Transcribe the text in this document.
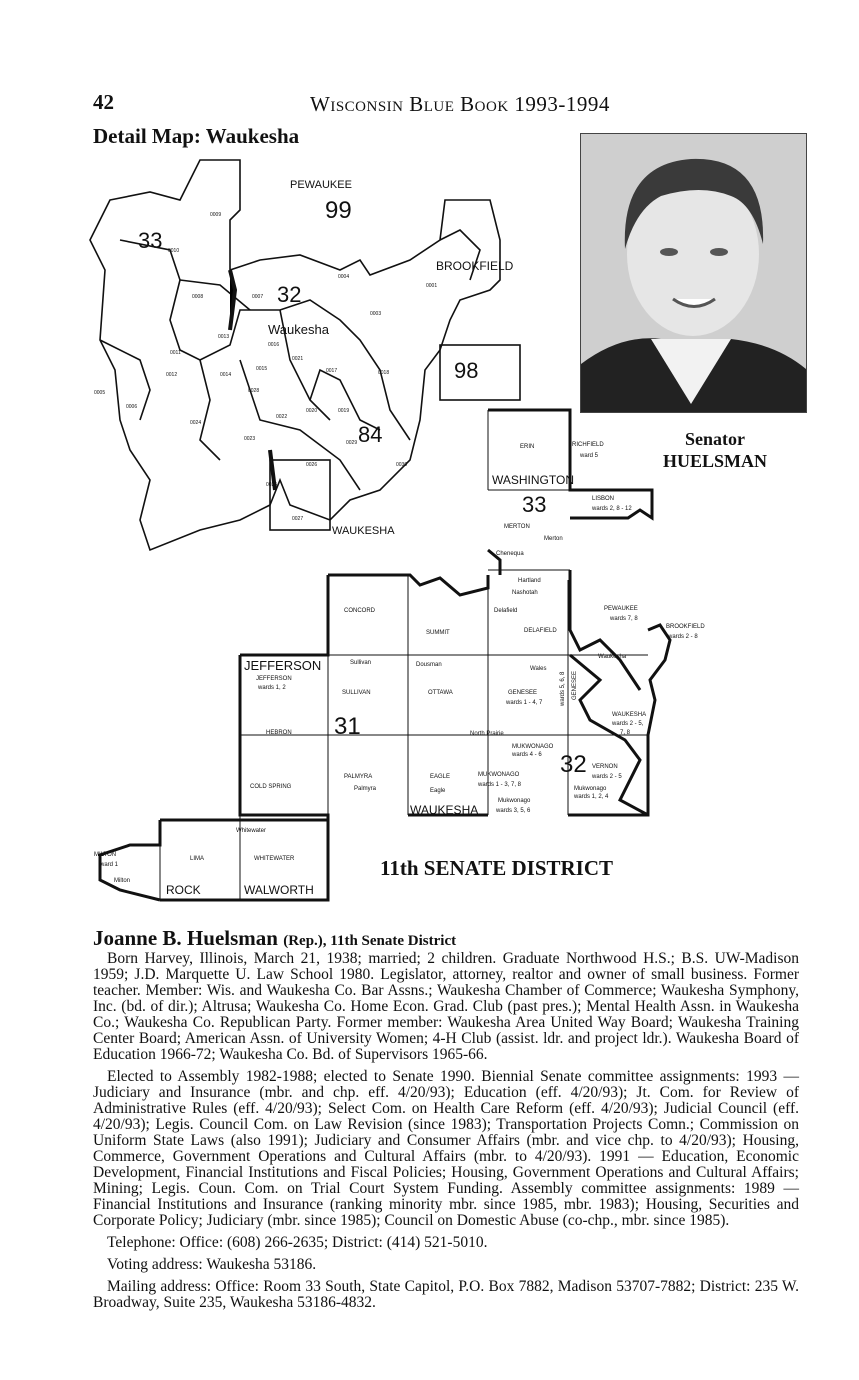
42	Wisconsin Blue Book 1993-1994
Detail Map: Waukesha
PEWAUKEE
99
33
32
Waukesha
BROOKFIELD
98
84
WAUKESHA
0004
0001
0003
0005
0007
0008
0010
0011
0012
0013
0014
0015
0016
0017	0018
0019
0020
0021
0022
0023
0024
0025
0026
0027
0028
0029
0030
0006
0009
Senator
HUELSMAN
ERIN	RICHFIELD
ward 5
WASHINGTON
33	LISBON
wards 2, 8 - 12
MERTON
Chenequa
Merton
Hartland
Nashotah
Delafield
DELAFIELD
CONCORD
SUMMIT
PEWAUKEE
wards 7, 8
BROOKFIELD
wards 2 - 8
Waukesha
JEFFERSON
JEFFERSON
wards 1, 2
Sullivan	Dousman
Wales
SULLIVAN	OTTAWA	GENESEE
wards 1 - 4, 7
GENESEE
wards 5, 6, 8
HEBRON 31	North Prairie
WAUKESHA
wards 2 - 5,
7, 8
MUKWONAGO
wards 4 - 6 32 VERNON
wards 2 - 5
COLD SPRING
PALMYRA
Palmyra
EAGLE
Eagle
MUKWONAGO
wards 1 - 3, 7, 8
Mukwonago
wards 1, 2, 4
Mukwonago
wards 3, 5, 6
WAUKESHA
Whitewater
MILTON
ward 1
LIMA	WHITEWATER
Milton
ROCK	WALWORTH
11th SENATE DISTRICT
Joanne B. Huelsman (Rep.), 11th Senate District

Born Harvey, Illinois, March 21, 1938; married; 2 children. Graduate Northwood H.S.; B.S. UW-Madison 1959; J.D. Marquette U. Law School 1980. Legislator, attorney, realtor and owner of small business. Former teacher. Member: Wis. and Waukesha Co. Bar Assns.; Waukesha Chamber of Commerce; Waukesha Symphony, Inc. (bd. of dir.); Altrusa; Waukesha Co. Home Econ. Grad. Club (past pres.); Mental Health Assn. in Waukesha Co.; Waukesha Co. Republican Party. Former member: Waukesha Area United Way Board; Waukesha Training Center Board; American Assn. of University Women; 4-H Club (assist. ldr. and project ldr.). Waukesha Board of Education 1966-72; Waukesha Co. Bd. of Supervisors 1965-66.

Elected to Assembly 1982-1988; elected to Senate 1990. Biennial Senate committee assignments: 1993 — Judiciary and Insurance (mbr. and chp. eff. 4/20/93); Education (eff. 4/20/93); Jt. Com. for Review of Administrative Rules (eff. 4/20/93); Select Com. on Health Care Reform (eff. 4/20/93); Judicial Council (eff. 4/20/93); Legis. Council Com. on Law Revision (since 1983); Transportation Projects Comn.; Commission on Uniform State Laws (also 1991); Judiciary and Consumer Affairs (mbr. and vice chp. to 4/20/93); Housing, Commerce, Government Operations and Cultural Affairs (mbr. to 4/20/93). 1991 — Education, Economic Development, Financial Institutions and Fiscal Policies; Housing, Government Operations and Cultural Affairs; Mining; Legis. Coun. Com. on Trial Court System Funding. Assembly committee assignments: 1989 — Financial Institutions and Insurance (ranking minority mbr. since 1985, mbr. 1983); Housing, Securities and Corporate Policy; Judiciary (mbr. since 1985); Council on Domestic Abuse (co-chp., mbr. since 1985).

Telephone: Office: (608) 266-2635; District: (414) 521-5010.

Voting address: Waukesha 53186.

Mailing address: Office: Room 33 South, State Capitol, P.O. Box 7882, Madison 53707-7882; District: 235 W. Broadway, Suite 235, Waukesha 53186-4832.
